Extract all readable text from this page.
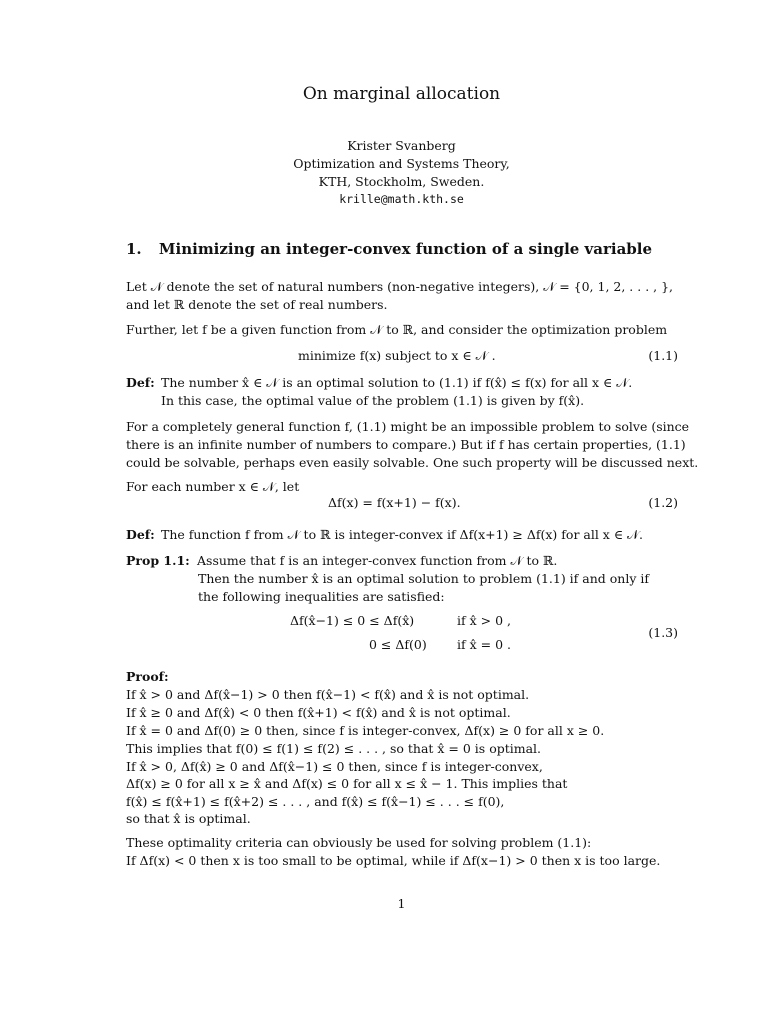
On marginal allocation
Krister Svanberg
Optimization and Systems Theory,
KTH, Stockholm, Sweden.
krille@math.kth.se
1. Minimizing an integer-convex function of a single variable
Let 𝒩 denote the set of natural numbers (non-negative integers), 𝒩 = {0, 1, 2, . . . , },
and let ℝ denote the set of real numbers.
Further, let f be a given function from 𝒩 to ℝ, and consider the optimization problem
minimize f(x) subject to x ∈ 𝒩 .	(1.1)
Def: The number x̂ ∈ 𝒩 is an optimal solution to (1.1) if f(x̂) ≤ f(x) for all x ∈ 𝒩.
In this case, the optimal value of the problem (1.1) is given by f(x̂).
For a completely general function f, (1.1) might be an impossible problem to solve (since
there is an infinite number of numbers to compare.) But if f has certain properties, (1.1)
could be solvable, perhaps even easily solvable. One such property will be discussed next.
For each number x ∈ 𝒩, let
Δf(x) = f(x+1) − f(x).	(1.2)
Def: The function f from 𝒩 to ℝ is integer-convex if Δf(x+1) ≥ Δf(x) for all x ∈ 𝒩.
Prop 1.1: Assume that f is an integer-convex function from 𝒩 to ℝ.
Then the number x̂ is an optimal solution to problem (1.1) if and only if
the following inequalities are satisfied:
Δf(x̂−1) ≤ 0 ≤ Δf(x̂)	if x̂ > 0 ,
0 ≤ Δf(0) if x̂ = 0 .
(1.3)
Proof:
If x̂ > 0 and Δf(x̂−1) > 0 then f(x̂−1) < f(x̂) and x̂ is not optimal.
If x̂ ≥ 0 and Δf(x̂) < 0 then f(x̂+1) < f(x̂) and x̂ is not optimal.
If x̂ = 0 and Δf(0) ≥ 0 then, since f is integer-convex, Δf(x) ≥ 0 for all x ≥ 0.
This implies that f(0) ≤ f(1) ≤ f(2) ≤ . . . , so that x̂ = 0 is optimal.
If x̂ > 0, Δf(x̂) ≥ 0 and Δf(x̂−1) ≤ 0 then, since f is integer-convex,
Δf(x) ≥ 0 for all x ≥ x̂ and Δf(x) ≤ 0 for all x ≤ x̂ − 1. This implies that
f(x̂) ≤ f(x̂+1) ≤ f(x̂+2) ≤ . . . , and f(x̂) ≤ f(x̂−1) ≤ . . . ≤ f(0),
so that x̂ is optimal.
These optimality criteria can obviously be used for solving problem (1.1):
If Δf(x) < 0 then x is too small to be optimal, while if Δf(x−1) > 0 then x is too large.
1
